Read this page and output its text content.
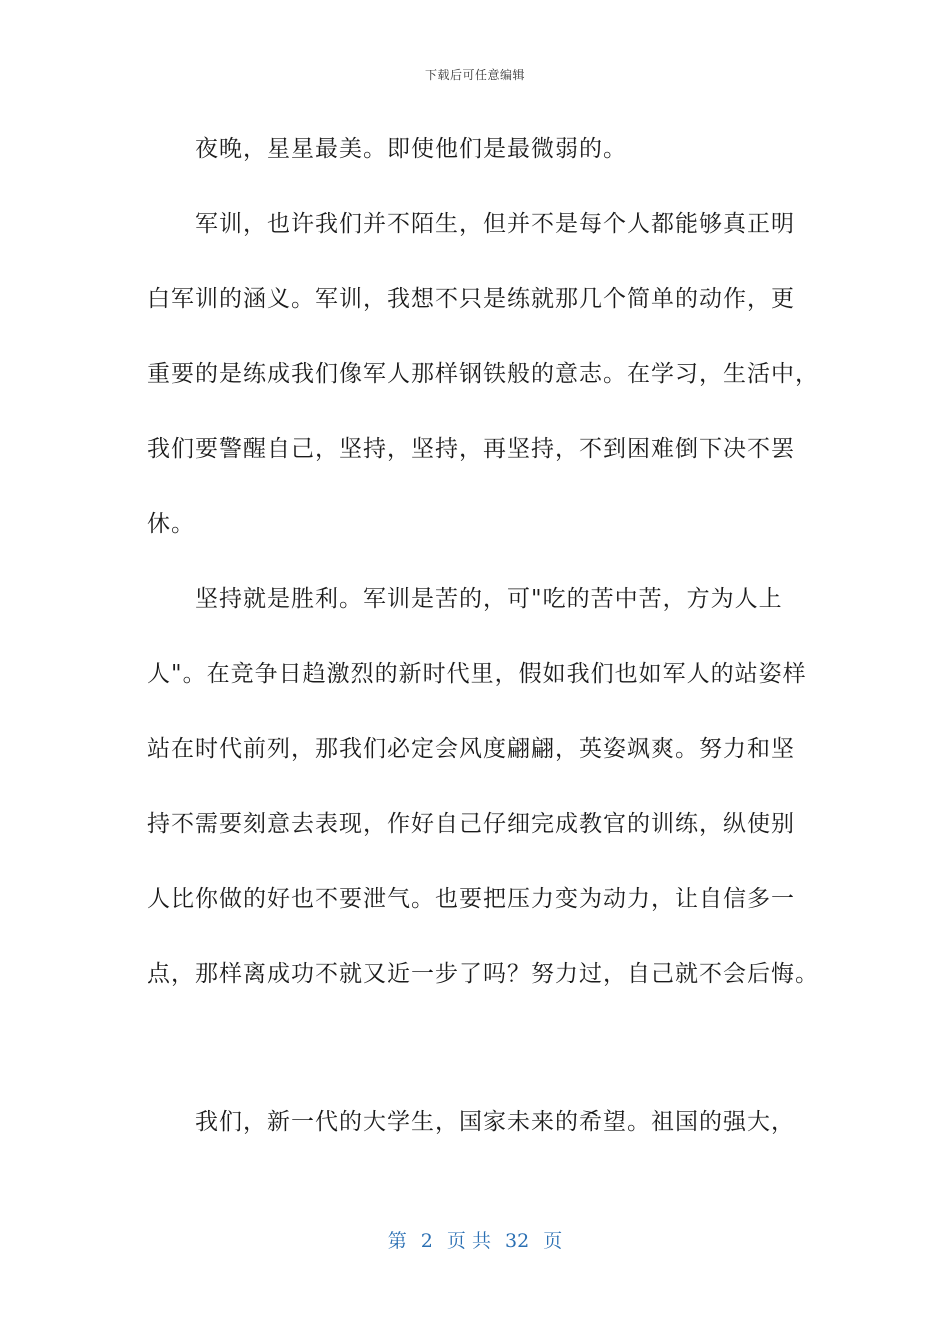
下载后可任意编辑
　　夜晚，星星最美。即使他们是最微弱的。
　　军训，也许我们并不陌生，但并不是每个人都能够真正明
白军训的涵义。军训，我想不只是练就那几个简单的动作，更
重要的是练成我们像军人那样钢铁般的意志。在学习，生活中，
我们要警醒自己，坚持，坚持，再坚持，不到困难倒下决不罢
休。
　　坚持就是胜利。军训是苦的，可"吃的苦中苦，方为人上
人"。在竞争日趋激烈的新时代里，假如我们也如军人的站姿样
站在时代前列，那我们必定会风度翩翩，英姿飒爽。努力和坚
持不需要刻意去表现，作好自己仔细完成教官的训练，纵使别
人比你做的好也不要泄气。也要把压力变为动力，让自信多一
点，那样离成功不就又近一步了吗？努力过，自己就不会后悔。
　　我们，新一代的大学生，国家未来的希望。祖国的强大，
第 2 页 共 32 页
